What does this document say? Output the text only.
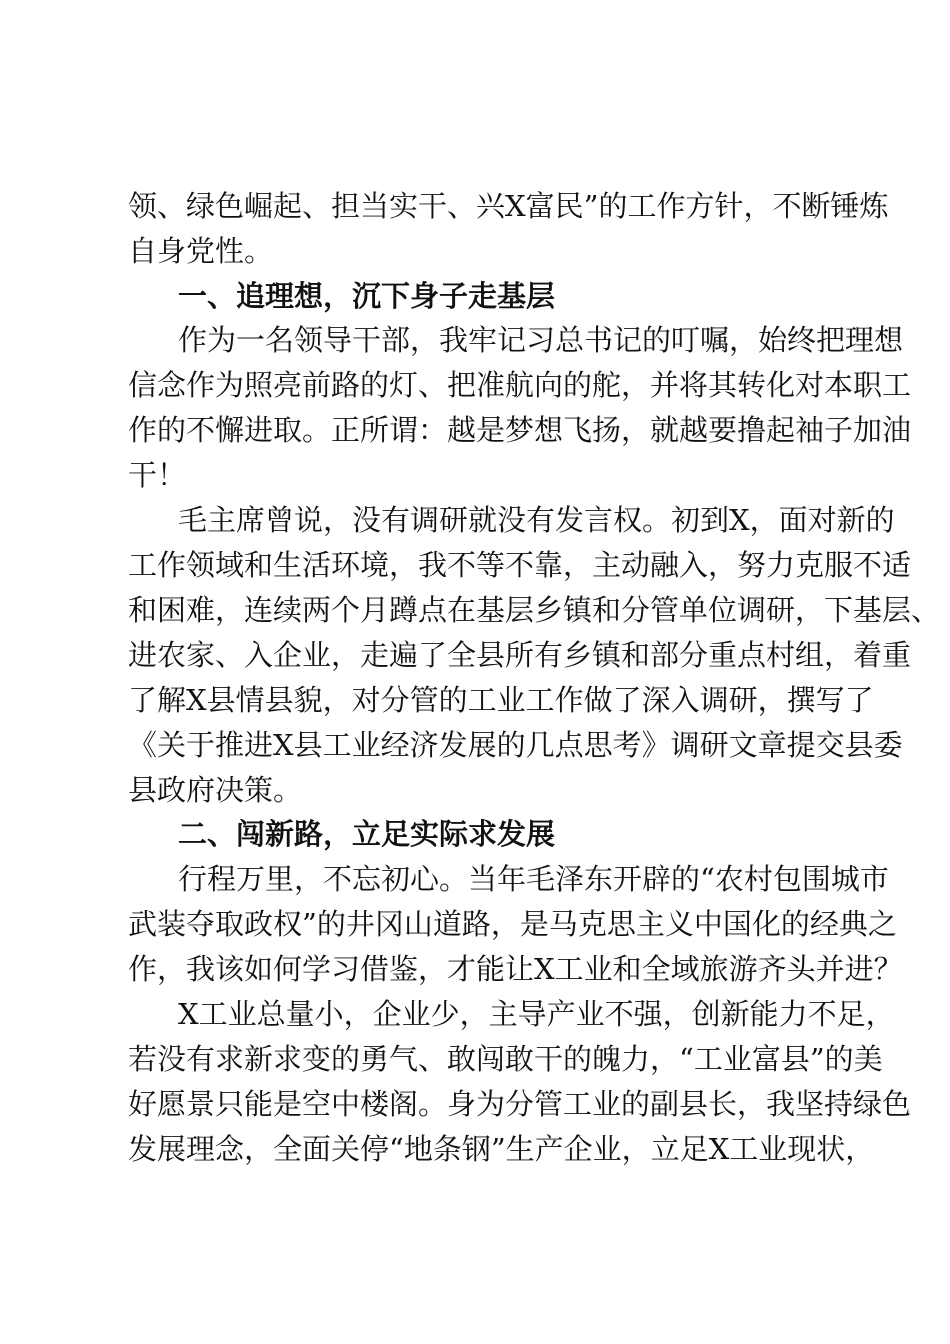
领、绿色崛起、担当实干、兴X富民”的工作方针，不断锤炼
自身党性。
一、追理想，沉下身子走基层
作为一名领导干部，我牢记习总书记的叮嘱，始终把理想
信念作为照亮前路的灯、把准航向的舵，并将其转化对本职工
作的不懈进取。正所谓：越是梦想飞扬，就越要撸起袖子加油
干！
毛主席曾说，没有调研就没有发言权。初到X，面对新的
工作领域和生活环境，我不等不靠，主动融入，努力克服不适
和困难，连续两个月蹲点在基层乡镇和分管单位调研，下基层、
进农家、入企业，走遍了全县所有乡镇和部分重点村组，着重
了解X县情县貌，对分管的工业工作做了深入调研，撰写了
《关于推进X县工业经济发展的几点思考》调研文章提交县委
县政府决策。
二、闯新路，立足实际求发展
行程万里，不忘初心。当年毛泽东开辟的“农村包围城市
武装夺取政权”的井冈山道路，是马克思主义中国化的经典之
作，我该如何学习借鉴，才能让X工业和全域旅游齐头并进？
X工业总量小，企业少，主导产业不强，创新能力不足，
若没有求新求变的勇气、敢闯敢干的魄力，“工业富县”的美
好愿景只能是空中楼阁。身为分管工业的副县长，我坚持绿色
发展理念，全面关停“地条钢”生产企业，立足X工业现状，
